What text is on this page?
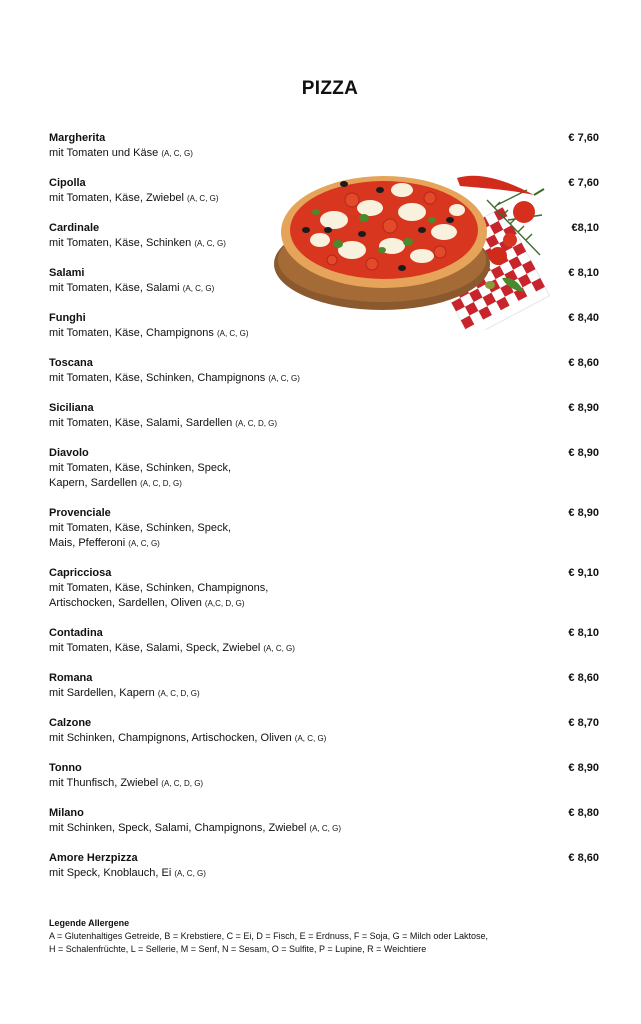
PIZZA
Margherita
mit Tomaten und Käse (A, C, G)
€ 7,60
Cipolla
mit Tomaten, Käse, Zwiebel (A, C, G)
€ 7,60
Cardinale
mit Tomaten, Käse, Schinken (A, C, G)
€8,10
Salami
mit Tomaten, Käse, Salami (A, C, G)
€ 8,10
Funghi
mit Tomaten, Käse, Champignons (A, C, G)
€ 8,40
Toscana
mit Tomaten, Käse, Schinken, Champignons (A, C, G)
€ 8,60
Siciliana
mit Tomaten, Käse, Salami, Sardellen (A, C, D, G)
€ 8,90
Diavolo
mit Tomaten, Käse, Schinken, Speck,
Kapern, Sardellen (A, C, D, G)
€ 8,90
Provenciale
mit Tomaten, Käse, Schinken, Speck,
Mais, Pfefferoni (A, C, G)
€ 8,90
Capricciosa
mit Tomaten, Käse, Schinken, Champignons,
Artischocken, Sardellen, Oliven (A,C, D, G)
€ 9,10
Contadina
mit Tomaten, Käse, Salami, Speck, Zwiebel (A, C, G)
€ 8,10
Romana
mit Sardellen, Kapern (A, C, D, G)
€ 8,60
Calzone
mit Schinken, Champignons, Artischocken, Oliven (A, C, G)
€ 8,70
Tonno
mit Thunfisch, Zwiebel (A, C, D, G)
€ 8,90
Milano
mit Schinken, Speck, Salami, Champignons, Zwiebel (A, C, G)
€ 8,80
Amore Herzpizza
mit Speck, Knoblauch, Ei (A, C, G)
€ 8,60
Legende Allergene
A = Glutenhaltiges Getreide, B = Krebstiere, C = Ei, D = Fisch, E = Erdnuss, F = Soja, G = Milch oder Laktose,
H = Schalenfrüchte, L = Sellerie, M = Senf, N = Sesam, O = Sulfite, P = Lupine, R = Weichtiere
